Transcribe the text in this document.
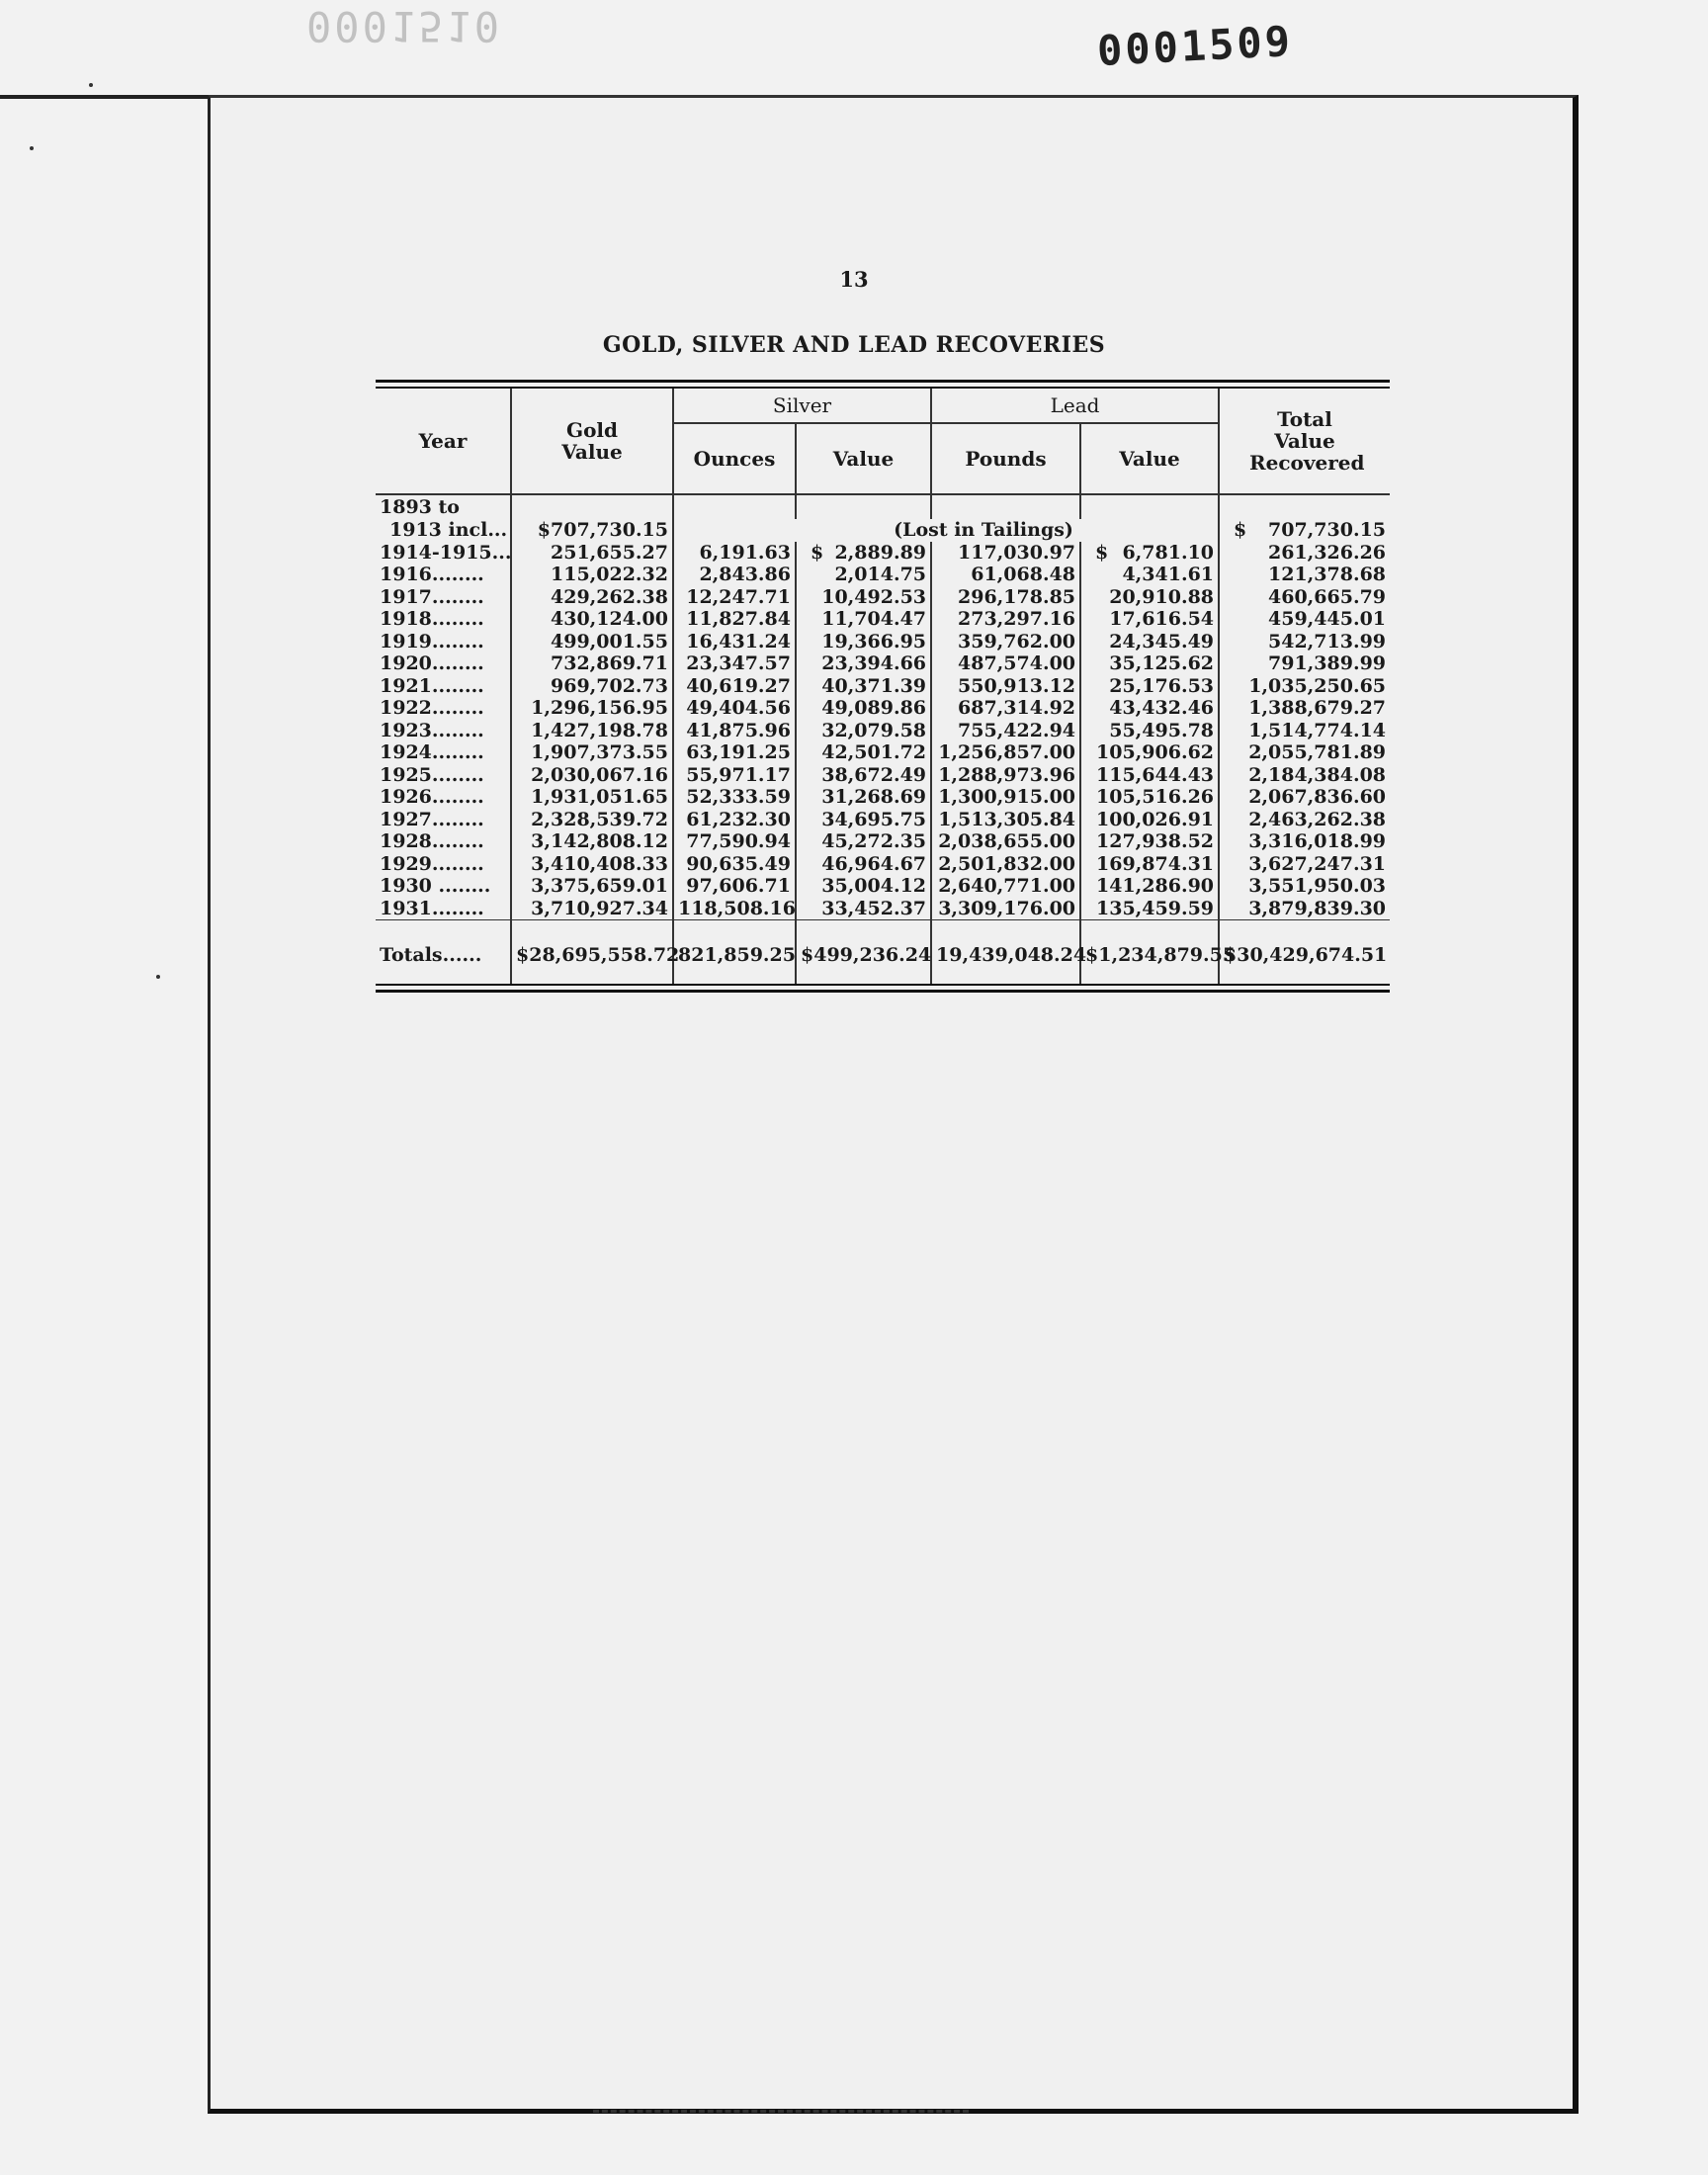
0001510	0001509
13
GOLD, SILVER AND LEAD RECOVERIES
Year	Gold Value	Silver		Lead		Total Value Recovered
		Ounces	Value	Pounds	Value	

1893 to						
1913 incl...	$707,730.15	(Lost in Tailings)				$ 707,730.15
1914-1915...	251,655.27	6,191.63	$ 2,889.89	117,030.97	$ 6,781.10	261,326.26
1916........	115,022.32	2,843.86	2,014.75	61,068.48	4,341.61	121,378.68
1917........	429,262.38	12,247.71	10,492.53	296,178.85	20,910.88	460,665.79
1918........	430,124.00	11,827.84	11,704.47	273,297.16	17,616.54	459,445.01
1919........	499,001.55	16,431.24	19,366.95	359,762.00	24,345.49	542,713.99
1920........	732,869.71	23,347.57	23,394.66	487,574.00	35,125.62	791,389.99
1921........	969,702.73	40,619.27	40,371.39	550,913.12	25,176.53	1,035,250.65
1922........	1,296,156.95	49,404.56	49,089.86	687,314.92	43,432.46	1,388,679.27
1923........	1,427,198.78	41,875.96	32,079.58	755,422.94	55,495.78	1,514,774.14
1924........	1,907,373.55	63,191.25	42,501.72	1,256,857.00	105,906.62	2,055,781.89
1925........	2,030,067.16	55,971.17	38,672.49	1,288,973.96	115,644.43	2,184,384.08
1926........	1,931,051.65	52,333.59	31,268.69	1,300,915.00	105,516.26	2,067,836.60
1927........	2,328,539.72	61,232.30	34,695.75	1,513,305.84	100,026.91	2,463,262.38
1928........	3,142,808.12	77,590.94	45,272.35	2,038,655.00	127,938.52	3,316,018.99
1929........	3,410,408.33	90,635.49	46,964.67	2,501,832.00	169,874.31	3,627,247.31
1930 ........	3,375,659.01	97,606.71	35,004.12	2,640,771.00	141,286.90	3,551,950.03
1931........	3,710,927.34	118,508.16	33,452.37	3,309,176.00	135,459.59	3,879,839.30

Totals......	$28,695,558.72	821,859.25	$499,236.24	19,439,048.24	$1,234,879.55	$30,429,674.51
